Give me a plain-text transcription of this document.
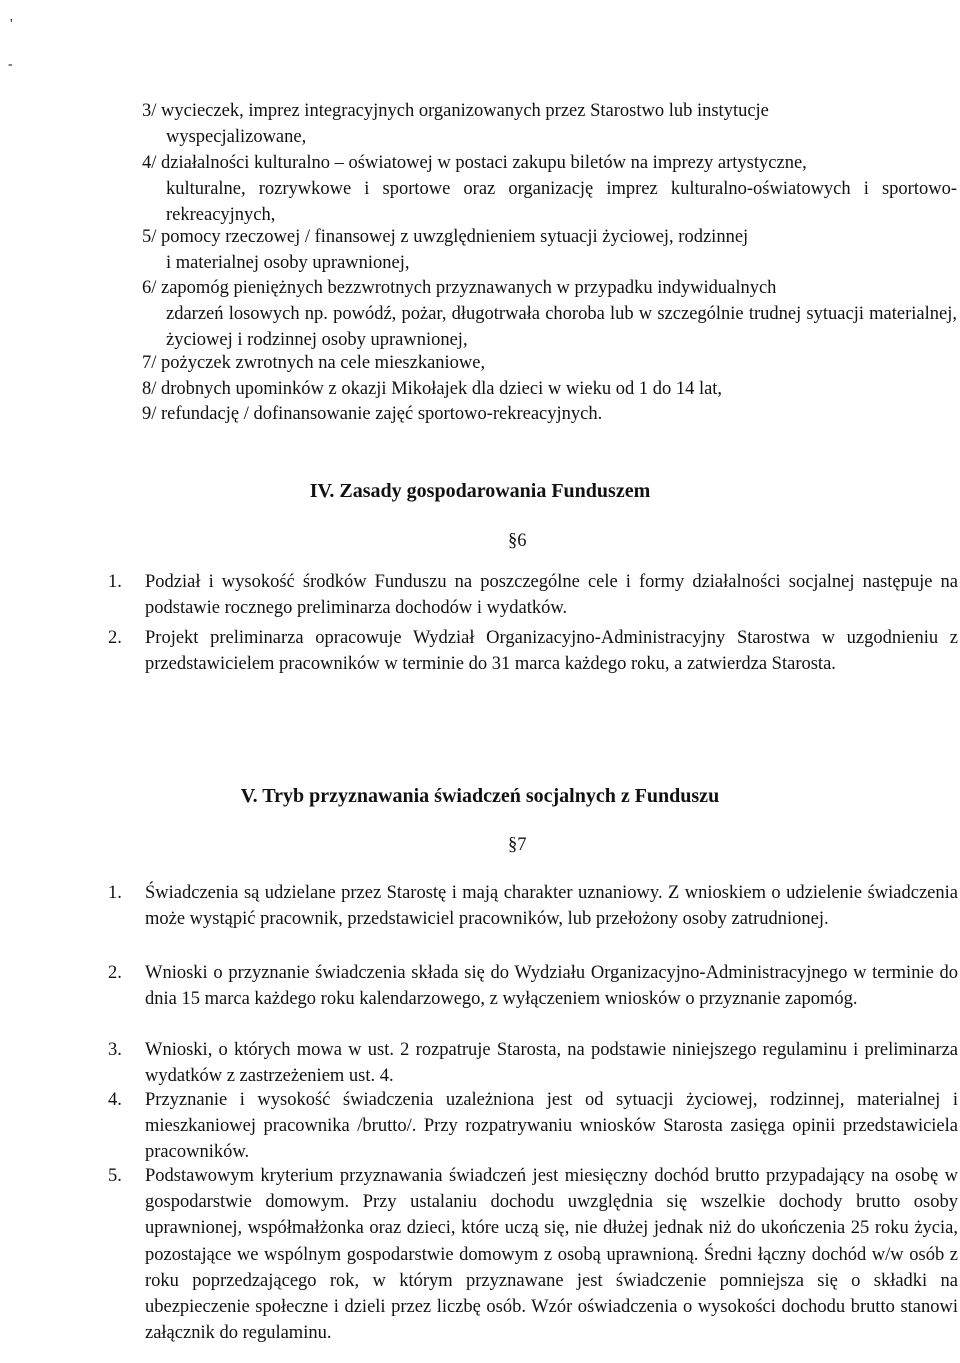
'
-
3/ wycieczek, imprez integracyjnych organizowanych przez Starostwo lub instytucje
wyspecjalizowane,
4/ działalności kulturalno – oświatowej w postaci zakupu biletów na imprezy artystyczne,
kulturalne, rozrywkowe i sportowe oraz organizację imprez kulturalno-oświatowych i sportowo-rekreacyjnych,
5/ pomocy rzeczowej / finansowej z uwzględnieniem sytuacji życiowej, rodzinnej
i materialnej osoby uprawnionej,
6/ zapomóg pieniężnych bezzwrotnych przyznawanych w przypadku indywidualnych
zdarzeń losowych np. powódź, pożar, długotrwała choroba lub w szczególnie trudnej sytuacji materialnej, życiowej i rodzinnej osoby uprawnionej,
7/ pożyczek zwrotnych na cele mieszkaniowe,
8/ drobnych upominków z okazji Mikołajek dla dzieci w wieku od 1 do 14 lat,
9/ refundację / dofinansowanie zajęć sportowo-rekreacyjnych.
IV. Zasady gospodarowania Funduszem
§6
1.	Podział i wysokość środków Funduszu na poszczególne cele i formy działalności socjalnej następuje na podstawie rocznego preliminarza dochodów i wydatków.
2.	Projekt preliminarza opracowuje Wydział Organizacyjno-Administracyjny Starostwa w uzgodnieniu z przedstawicielem pracowników w terminie do 31 marca każdego roku, a zatwierdza Starosta.
V. Tryb przyznawania świadczeń socjalnych z Funduszu
§7
1.	Świadczenia są udzielane przez Starostę i mają charakter uznaniowy. Z wnioskiem o udzielenie świadczenia może wystąpić pracownik, przedstawiciel pracowników, lub przełożony osoby zatrudnionej.
2.	Wnioski o przyznanie świadczenia składa się do Wydziału Organizacyjno-Administracyjnego w terminie do dnia 15 marca każdego roku kalendarzowego, z wyłączeniem wniosków o przyznanie zapomóg.
3.	Wnioski, o których mowa w ust. 2 rozpatruje Starosta, na podstawie niniejszego regulaminu i preliminarza wydatków z zastrzeżeniem ust. 4.
4.	Przyznanie i wysokość świadczenia uzależniona jest od sytuacji życiowej, rodzinnej, materialnej i mieszkaniowej pracownika /brutto/. Przy rozpatrywaniu wniosków Starosta zasięga opinii przedstawiciela pracowników.
5.	Podstawowym kryterium przyznawania świadczeń jest miesięczny dochód brutto przypadający na osobę w gospodarstwie domowym. Przy ustalaniu dochodu uwzględnia się wszelkie dochody brutto osoby uprawnionej, współmałżonka oraz dzieci, które uczą się, nie dłużej jednak niż do ukończenia 25 roku życia, pozostające we wspólnym gospodarstwie domowym z osobą uprawnioną. Średni łączny dochód w/w osób z roku poprzedzającego rok, w którym przyznawane jest świadczenie pomniejsza się o składki na ubezpieczenie społeczne i dzieli przez liczbę osób. Wzór oświadczenia o wysokości dochodu brutto stanowi załącznik do regulaminu.
